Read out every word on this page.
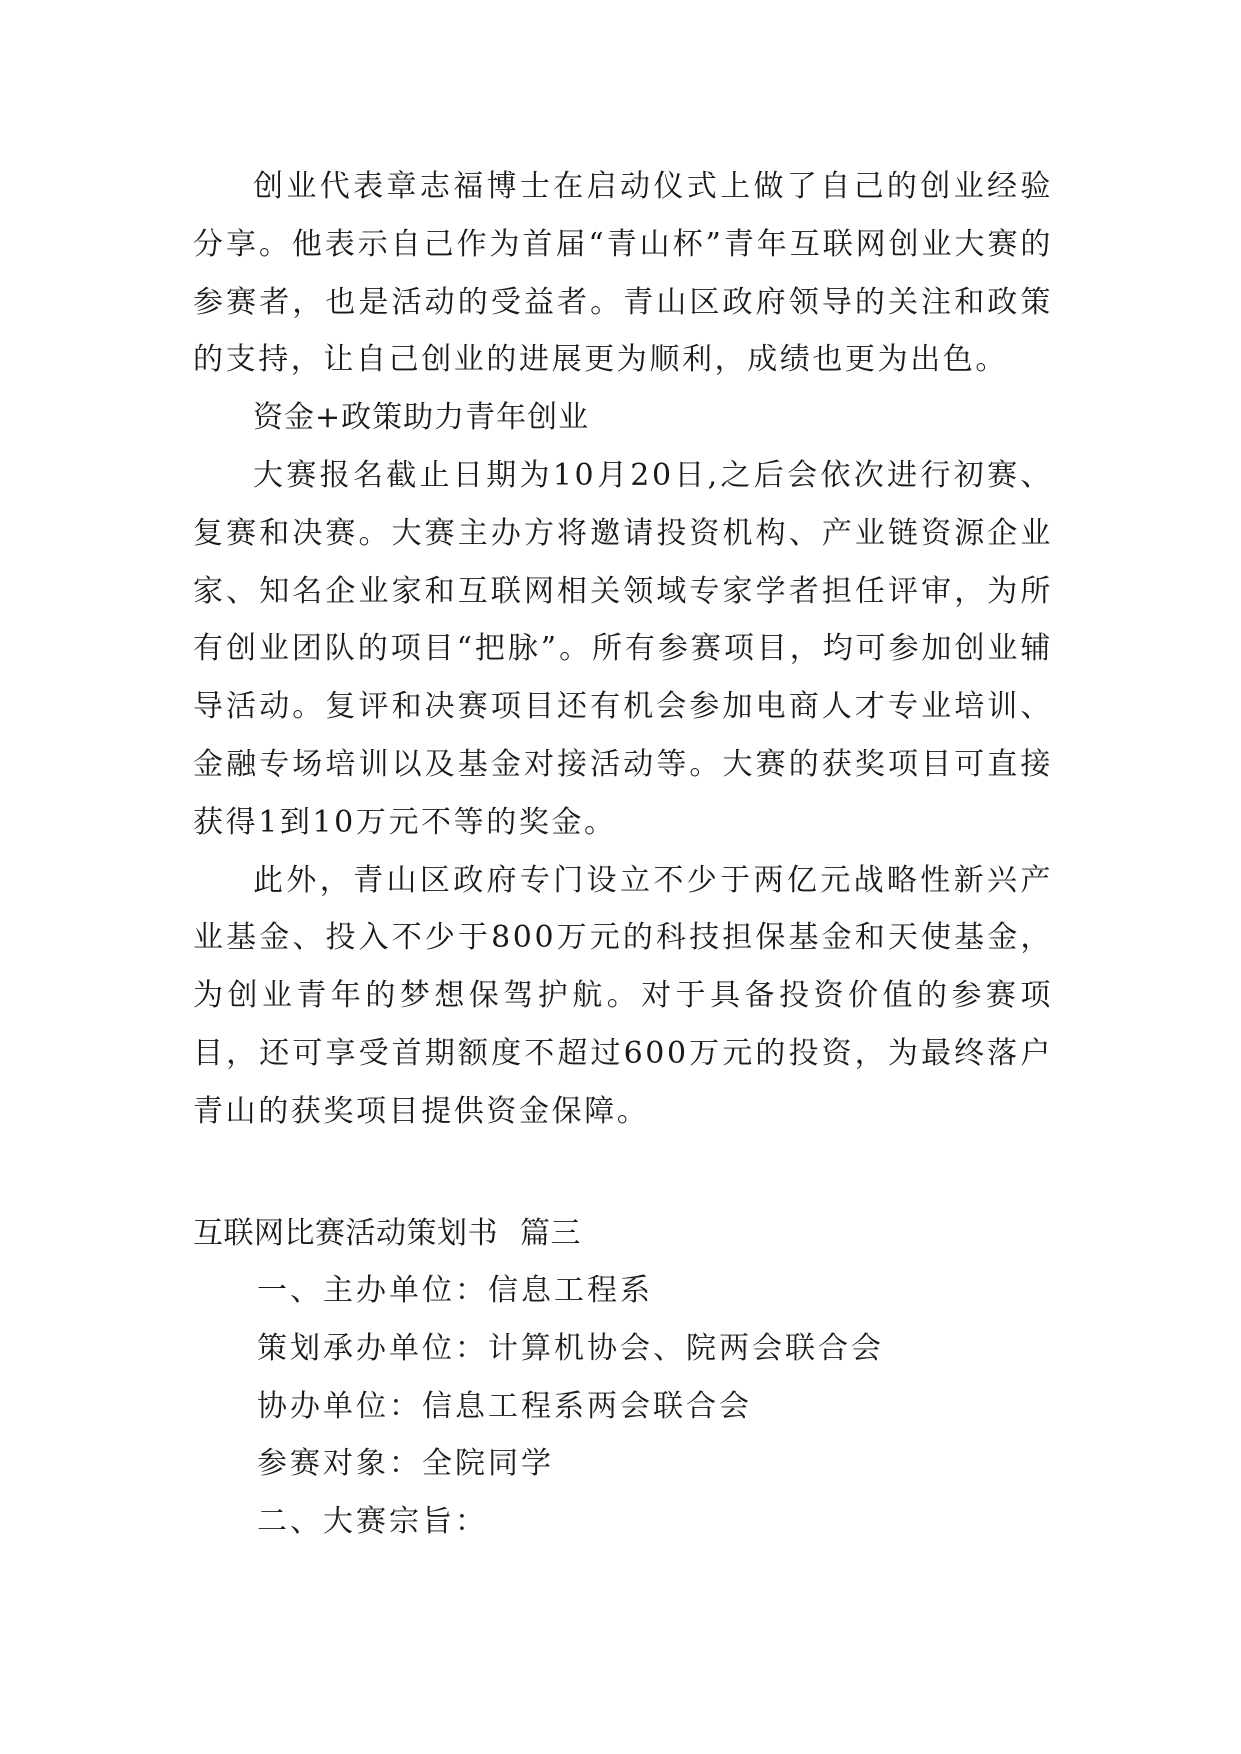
创业代表章志福博士在启动仪式上做了自己的创业经验分享。他表示自己作为首届“青山杯”青年互联网创业大赛的参赛者，也是活动的受益者。青山区政府领导的关注和政策的支持，让自己创业的进展更为顺利，成绩也更为出色。

资金+政策助力青年创业

大赛报名截止日期为10月20日,之后会依次进行初赛、复赛和决赛。大赛主办方将邀请投资机构、产业链资源企业家、知名企业家和互联网相关领域专家学者担任评审，为所有创业团队的项目“把脉”。所有参赛项目，均可参加创业辅导活动。复评和决赛项目还有机会参加电商人才专业培训、金融专场培训以及基金对接活动等。大赛的获奖项目可直接获得1到10万元不等的奖金。

此外，青山区政府专门设立不少于两亿元战略性新兴产业基金、投入不少于800万元的科技担保基金和天使基金，为创业青年的梦想保驾护航。对于具备投资价值的参赛项目，还可享受首期额度不超过600万元的投资，为最终落户青山的获奖项目提供资金保障。

互联网比赛活动策划书 篇三

一、主办单位：信息工程系
策划承办单位：计算机协会、院两会联合会
协办单位：信息工程系两会联合会
参赛对象：全院同学
二、大赛宗旨：
